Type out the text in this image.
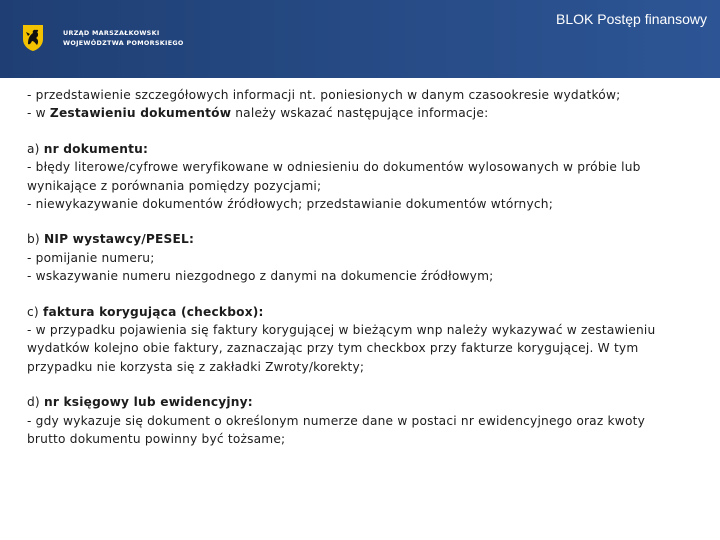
URZĄD MARSZAŁKOWSKI
WOJEWÓDZTWA POMORSKIEGO
BLOK Postęp finansowy

- przedstawienie szczegółowych informacji nt. poniesionych w danym czasookresie wydatków;

- w Zestawieniu dokumentów należy wskazać następujące informacje:

a) nr dokumentu:

- błędy literowe/cyfrowe weryfikowane w odniesieniu do dokumentów wylosowanych w próbie lub

wynikające z porównania pomiędzy pozycjami;

- niewykazywanie dokumentów źródłowych; przedstawianie dokumentów wtórnych;

b) NIP wystawcy/PESEL:

- pomijanie numeru;

- wskazywanie numeru niezgodnego z danymi na dokumencie źródłowym;

c) faktura korygująca (checkbox):

- w przypadku pojawienia się faktury korygującej w bieżącym wnp należy wykazywać w zestawieniu

wydatków kolejno obie faktury, zaznaczając przy tym checkbox przy fakturze korygującej. W tym

przypadku nie korzysta się z zakładki Zwroty/korekty;

d) nr księgowy lub ewidencyjny:

- gdy wykazuje się dokument o określonym numerze dane w postaci nr ewidencyjnego oraz kwoty

brutto dokumentu powinny być tożsame;
